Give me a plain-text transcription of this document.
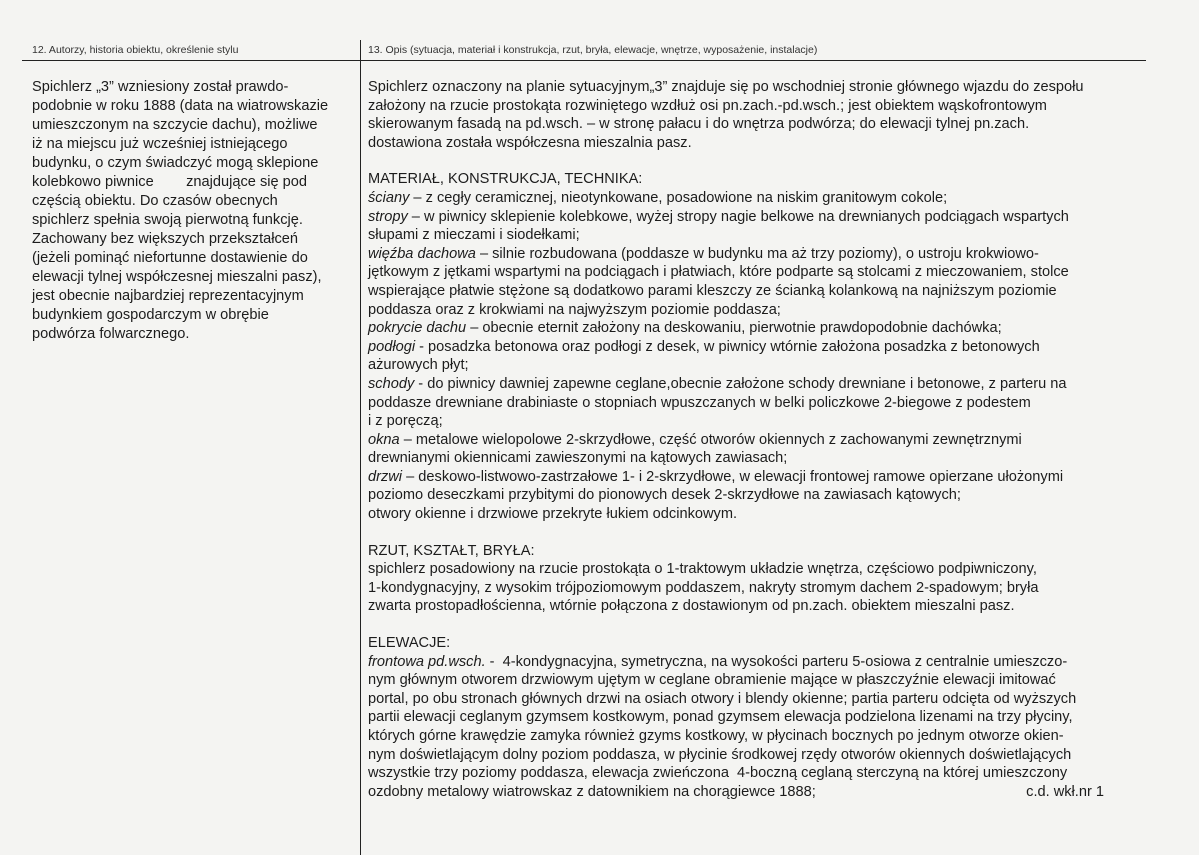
12. Autorzy, historia obiektu, określenie stylu	13. Opis (sytuacja, materiał i konstrukcja, rzut, bryła, elewacje, wnętrze, wyposażenie, instalacje)
Spichlerz „3” wzniesiony został prawdo-
podobnie w roku 1888 (data na wiatrowskazie
umieszczonym na szczycie dachu), możliwe
iż na miejscu już wcześniej istniejącego
budynku, o czym świadczyć mogą sklepione
kolebkowo piwnice        znajdujące się pod
częścią obiektu. Do czasów obecnych
spichlerz spełnia swoją pierwotną funkcję.
Zachowany bez większych przekształceń
(jeżeli pominąć niefortunne dostawienie do
elewacji tylnej współczesnej mieszalni pasz),
jest obecnie najbardziej reprezentacyjnym
budynkiem gospodarczym w obrębie
podwórza folwarcznego.
Spichlerz oznaczony na planie sytuacyjnym„3” znajduje się po wschodniej stronie głównego wjazdu do zespołu
założony na rzucie prostokąta rozwiniętego wzdłuż osi pn.zach.-pd.wsch.; jest obiektem wąskofrontowym
skierowanym fasadą na pd.wsch. – w stronę pałacu i do wnętrza podwórza; do elewacji tylnej pn.zach.
dostawiona została współczesna mieszalnia pasz.
MATERIAŁ, KONSTRUKCJA, TECHNIKA:
ściany – z cegły ceramicznej, nieotynkowane, posadowione na niskim granitowym cokole;
stropy – w piwnicy sklepienie kolebkowe, wyżej stropy nagie belkowe na drewnianych podciągach wspartych
słupami z mieczami i siodełkami;
więźba dachowa – silnie rozbudowana (poddasze w budynku ma aż trzy poziomy), o ustroju krokwiowo-
jętkowym z jętkami wspartymi na podciągach i płatwiach, które podparte są stolcami z mieczowaniem, stolce
wspierające płatwie stężone są dodatkowo parami kleszczy ze ścianką kolankową na najniższym poziomie
poddasza oraz z krokwiami na najwyższym poziomie poddasza;
pokrycie dachu – obecnie eternit założony na deskowaniu, pierwotnie prawdopodobnie dachówka;
podłogi - posadzka betonowa oraz podłogi z desek, w piwnicy wtórnie założona posadzka z betonowych
ażurowych płyt;
schody - do piwnicy dawniej zapewne ceglane,obecnie założone schody drewniane i betonowe, z parteru na
poddasze drewniane drabiniaste o stopniach wpuszczanych w belki policzkowe 2-biegowe z podestem
i z poręczą;
okna – metalowe wielopolowe 2-skrzydłowe, część otworów okiennych z zachowanymi zewnętrznymi
drewnianymi okiennicami zawieszonymi na kątowych zawiasach;
drzwi – deskowo-listwowo-zastrzałowe 1- i 2-skrzydłowe, w elewacji frontowej ramowe opierzane ułożonymi
poziomo deseczkami przybitymi do pionowych desek 2-skrzydłowe na zawiasach kątowych;
otwory okienne i drzwiowe przekryte łukiem odcinkowym.
RZUT, KSZTAŁT, BRYŁA:
spichlerz posadowiony na rzucie prostokąta o 1-traktowym układzie wnętrza, częściowo podpiwniczony,
1-kondygnacyjny, z wysokim trójpoziomowym poddaszem, nakryty stromym dachem 2-spadowym; bryła
zwarta prostopadłościenna, wtórnie połączona z dostawionym od pn.zach. obiektem mieszalni pasz.
ELEWACJE:
frontowa pd.wsch. -  4-kondygnacyjna, symetryczna, na wysokości parteru 5-osiowa z centralnie umieszczo-
nym głównym otworem drzwiowym ujętym w ceglane obramienie mające w płaszczyźnie elewacji imitować
portal, po obu stronach głównych drzwi na osiach otwory i blendy okienne; partia parteru odcięta od wyższych
partii elewacji ceglanym gzymsem kostkowym, ponad gzymsem elewacja podzielona lizenami na trzy płyciny,
których górne krawędzie zamyka również gzyms kostkowy, w płycinach bocznych po jednym otworze okien-
nym doświetlającym dolny poziom poddasza, w płycinie środkowej rzędy otworów okiennych doświetlających
wszystkie trzy poziomy poddasza, elewacja zwieńczona  4-boczną ceglaną sterczyną na której umieszczony
c.d. wkł.nr 1
ozdobny metalowy wiatrowskaz z datownikiem na chorągiewce 1888;
